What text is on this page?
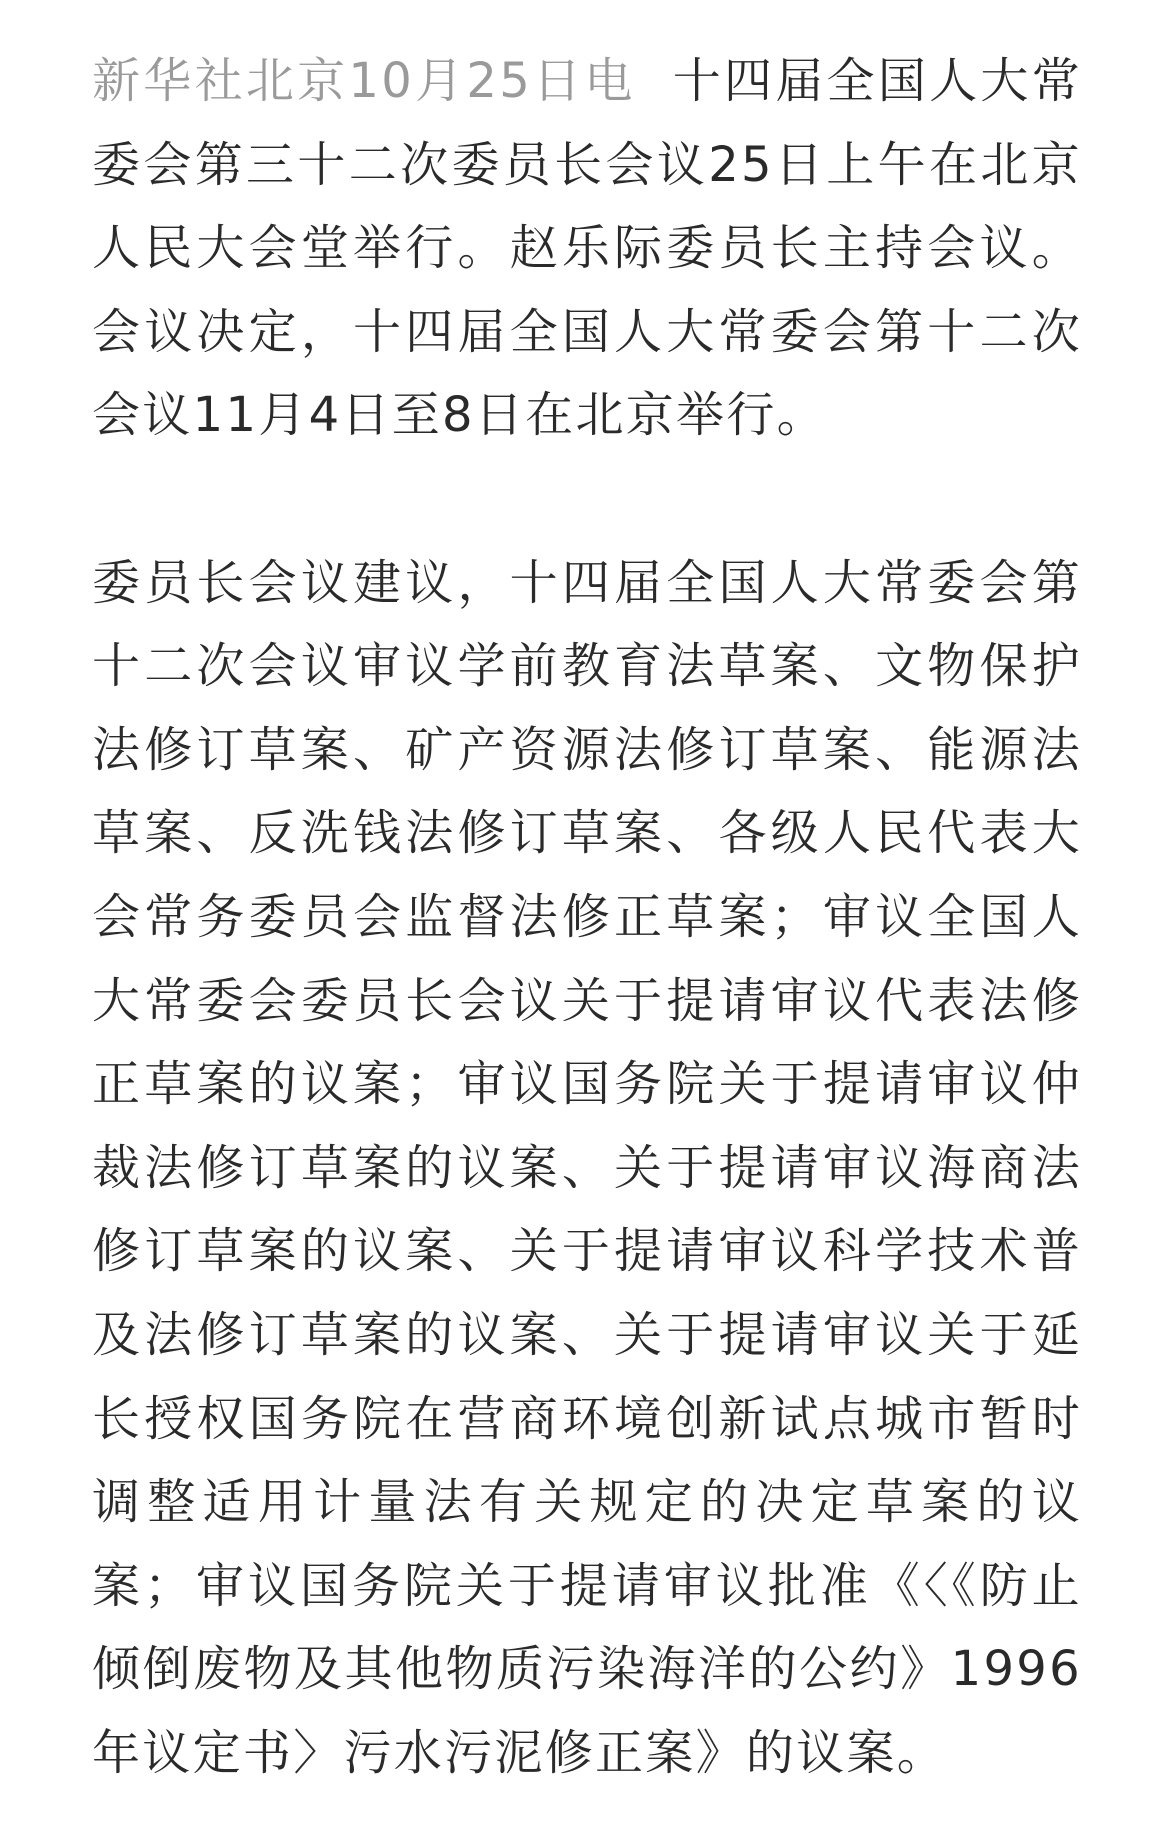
新华社北京10月25日电 十四届全国人大常委会第三十二次委员长会议25日上午在北京人民大会堂举行。赵乐际委员长主持会议。会议决定，十四届全国人大常委会第十二次会议11月4日至8日在北京举行。

委员长会议建议，十四届全国人大常委会第十二次会议审议学前教育法草案、文物保护法修订草案、矿产资源法修订草案、能源法草案、反洗钱法修订草案、各级人民代表大会常务委员会监督法修正草案；审议全国人大常委会委员长会议关于提请审议代表法修正草案的议案；审议国务院关于提请审议仲裁法修订草案的议案、关于提请审议海商法修订草案的议案、关于提请审议科学技术普及法修订草案的议案、关于提请审议关于延长授权国务院在营商环境创新试点城市暂时调整适用计量法有关规定的决定草案的议案；审议国务院关于提请审议批准《〈《防止倾倒废物及其他物质污染海洋的公约》1996年议定书〉污水污泥修正案》的议案。
